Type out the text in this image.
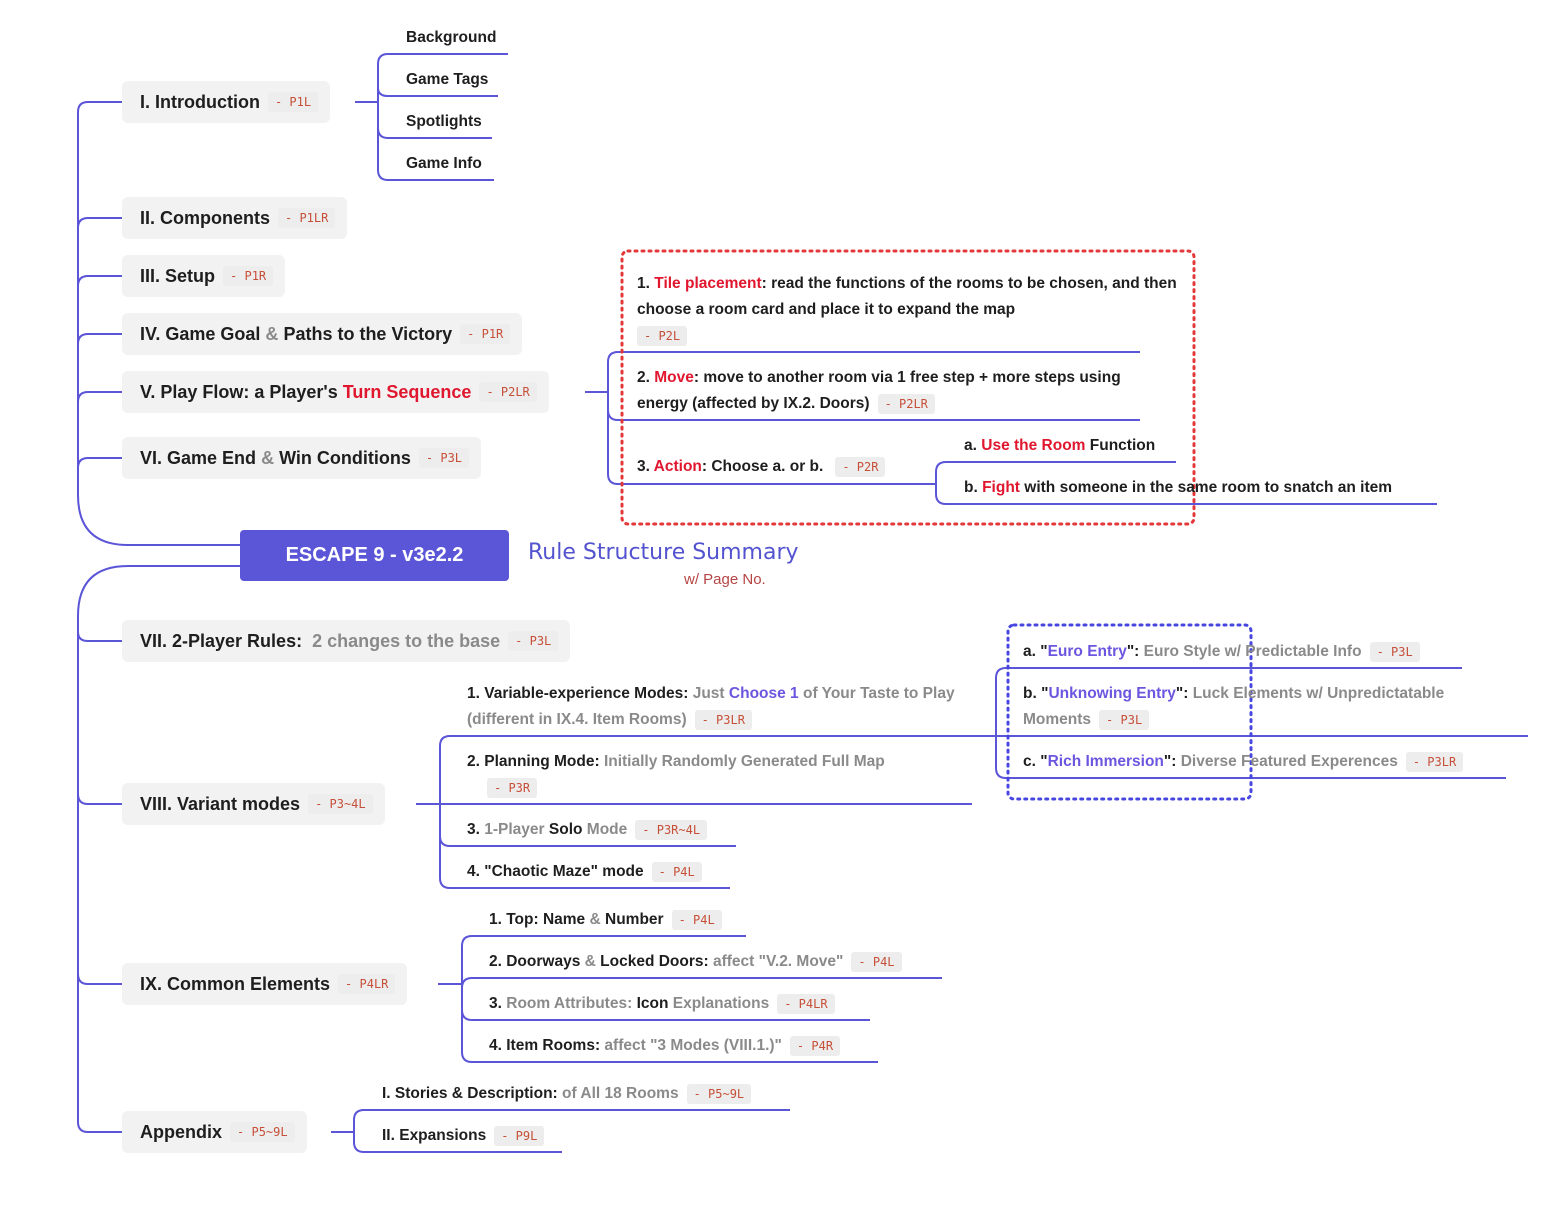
ESCAPE 9 - v3e2.2	Rule Structure Summary
w/ Page No.
I. Introduction	- P1L
Background
Game Tags
Spotlights
Game Info
II. Components	- P1LR
III. Setup	- P1R
IV. Game Goal
&
Paths to the Victory	- P1R
V. Play Flow: a Player's
Turn Sequence	- P2LR
1. Tile placement: read the functions of the rooms to be chosen, and then choose a room card and place it to expand the map
- P2L
2. Move: move to another room via 1 free step + more steps using energy (affected by IX.2. Doors) - P2LR
3. Action: Choose a. or b. - P2R
a. Use the Room Function
b. Fight with someone in the same room to snatch an item
VI. Game End
&
Win Conditions	- P3L
VII. 2-Player Rules:
2 changes to the base	- P3L
VIII. Variant modes	- P3~4L
1. Variable-experience Modes: Just Choose 1 of Your Taste to Play (different in IX.4. Item Rooms) - P3LR
a. "Euro Entry": Euro Style w/ Predictable Info - P3L
b. "Unknowing Entry": Luck Elements w/ Unpredictatable Moments - P3L
c. "Rich Immersion": Diverse Featured Experences - P3LR
2. Planning Mode: Initially Randomly Generated Full Map
- P3R
3. 1-Player Solo Mode - P3R~4L
4. "Chaotic Maze" mode - P4L
IX. Common Elements	- P4LR
1. Top: Name & Number - P4L
2. Doorways & Locked Doors: affect "V.2. Move" - P4L
3. Room Attributes: Icon Explanations - P4LR
4. Item Rooms: affect "3 Modes (VIII.1.)" - P4R
Appendix	- P5~9L
I. Stories & Description: of All 18 Rooms - P5~9L
II. Expansions - P9L
